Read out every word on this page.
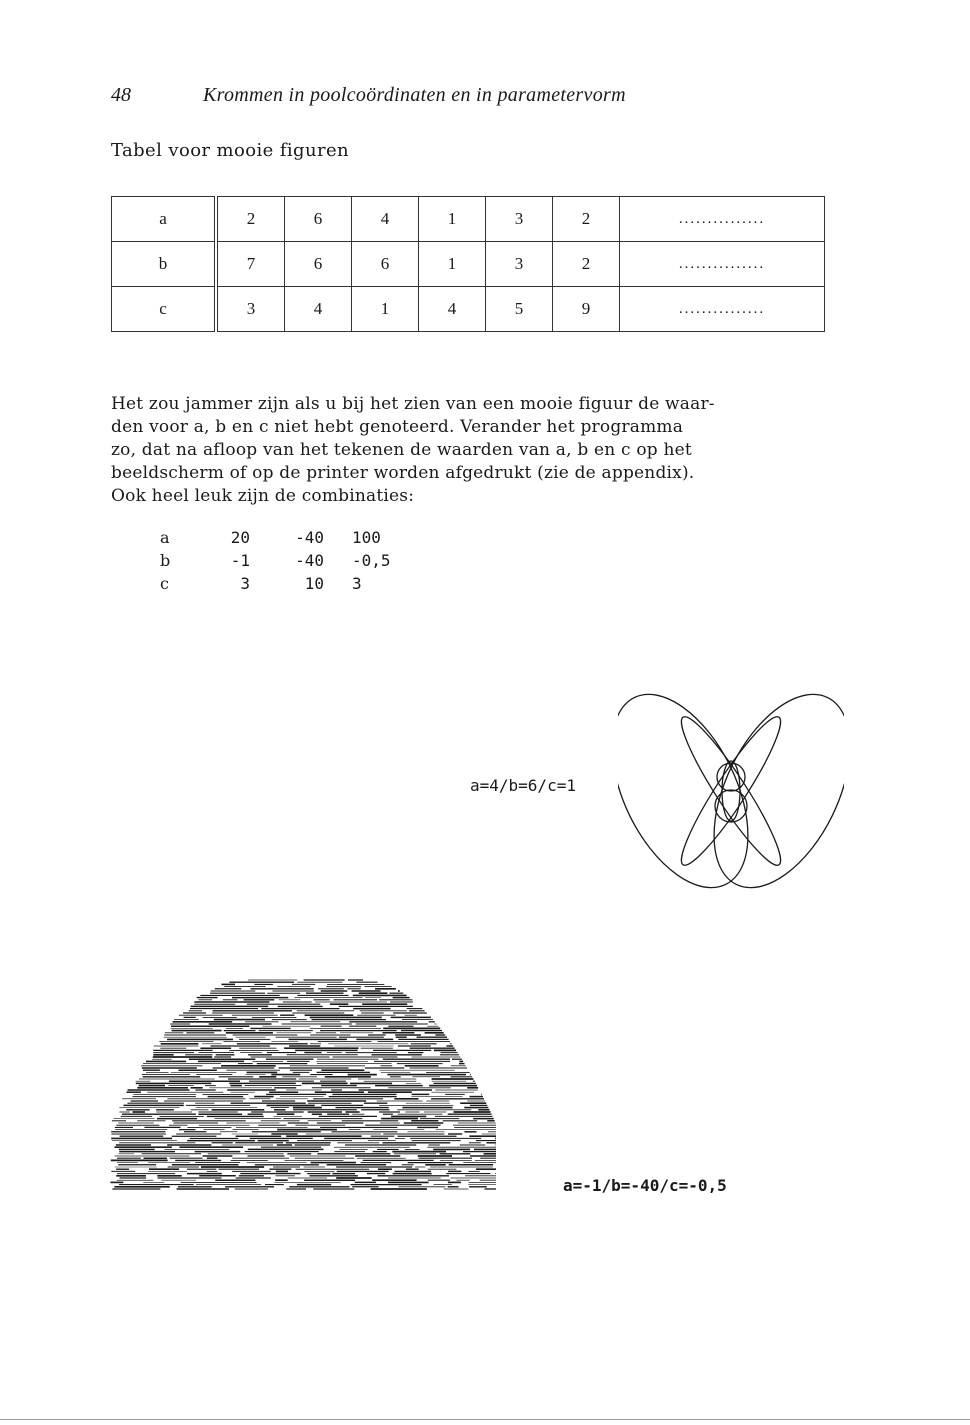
48	Krommen in poolcoördinaten en in parametervorm
Tabel voor mooie figuren
a	2	6	4	1	3	2	...............
b	7	6	6	1	3	2	...............
c	3	4	1	4	5	9	...............
Het zou jammer zijn als u bij het zien van een mooie figuur de waar-
den voor a, b en c niet hebt genoteerd. Verander het programma
zo, dat na afloop van het tekenen de waarden van a, b en c op het
beeldscherm of op de printer worden afgedrukt (zie de appendix).
Ook heel leuk zijn de combinaties:
a	20	-40 100
b	-1	-40 -0,5
c	3	10 3
a=4/b=6/c=1
a=-1/b=-40/c=-0,5
